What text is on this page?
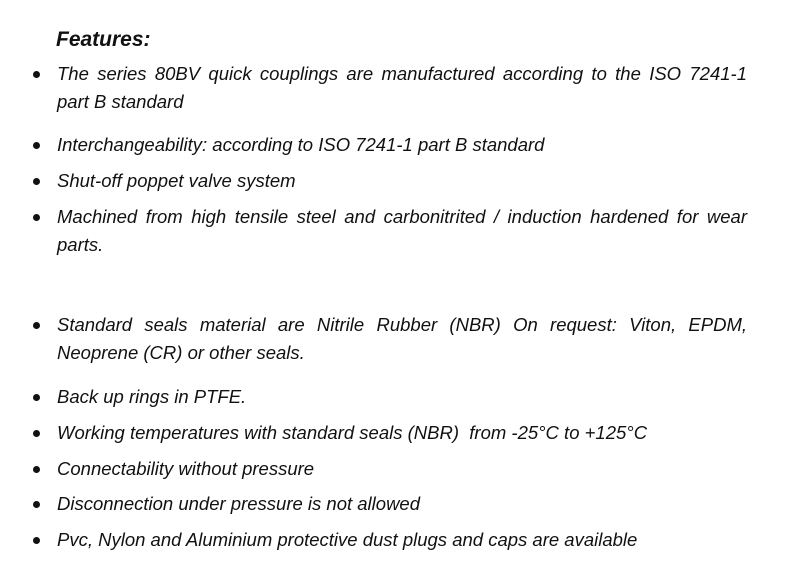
Features:

The series 80BV quick couplings are manufactured according to the ISO 7241-1 part B standard

Interchangeability: according to ISO 7241-1 part B standard

Shut-off poppet valve system

Machined from high tensile steel and carbonitrited / induction hardened for wear parts.

Standard seals material are Nitrile Rubber (NBR) On request: Viton, EPDM, Neoprene (CR) or other seals.

Back up rings in PTFE.

Working temperatures with standard seals (NBR)  from -25°C to +125°C

Connectability without pressure

Disconnection under pressure is not allowed

Pvc, Nylon and Aluminium protective dust plugs and caps are available
